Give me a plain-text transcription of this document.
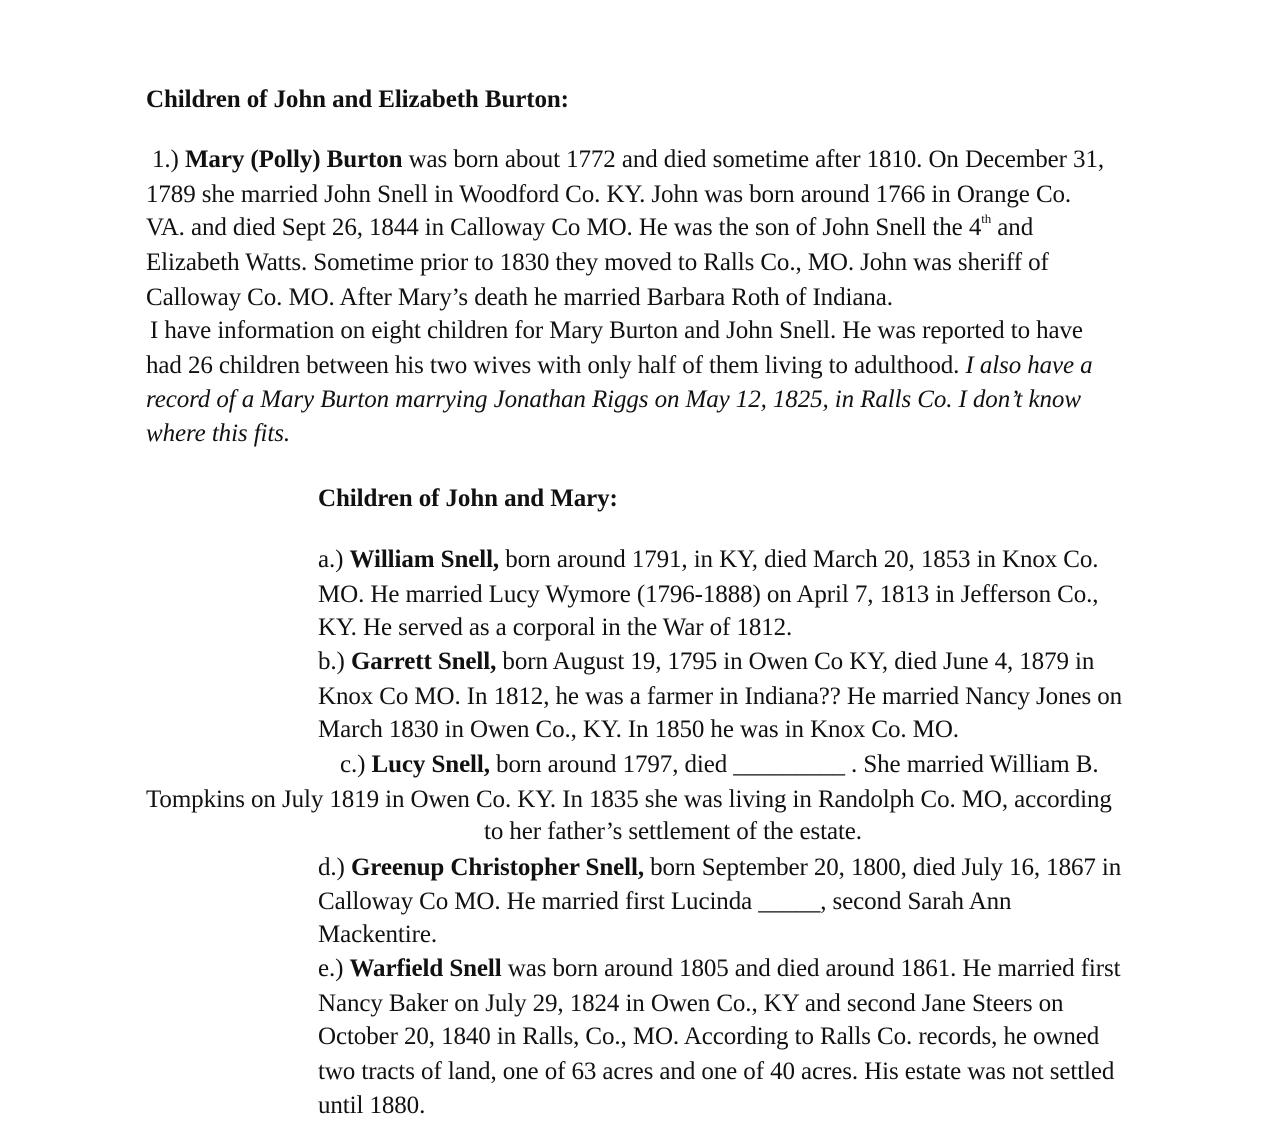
Children of John and Elizabeth Burton:
1.) Mary (Polly) Burton was born about 1772 and died sometime after 1810. On December 31,
1789 she married John Snell in Woodford Co. KY. John was born around 1766 in Orange Co.
VA. and died Sept 26, 1844 in Calloway Co MO. He was the son of John Snell the 4th and
Elizabeth Watts. Sometime prior to 1830 they moved to Ralls Co., MO. John was sheriff of
Calloway Co. MO. After Mary’s death he married Barbara Roth of Indiana.
I have information on eight children for Mary Burton and John Snell. He was reported to have
had 26 children between his two wives with only half of them living to adulthood. I also have a
record of a Mary Burton marrying Jonathan Riggs on May 12, 1825, in Ralls Co. I don’t know
where this fits.
Children of John and Mary:
a.) William Snell, born around 1791, in KY, died March 20, 1853 in Knox Co.
MO. He married Lucy Wymore (1796-1888) on April 7, 1813 in Jefferson Co.,
KY. He served as a corporal in the War of 1812.
b.) Garrett Snell, born August 19, 1795 in Owen Co KY, died June 4, 1879 in
Knox Co MO. In 1812, he was a farmer in Indiana?? He married Nancy Jones on
March 1830 in Owen Co., KY. In 1850 he was in Knox Co. MO.
c.) Lucy Snell, born around 1797, died _________ . She married William B.
Tompkins on July 1819 in Owen Co. KY. In 1835 she was living in Randolph Co. MO, according
to her father’s settlement of the estate.
d.) Greenup Christopher Snell, born September 20, 1800, died July 16, 1867 in
Calloway Co MO. He married first Lucinda _____, second Sarah Ann
Mackentire.
e.) Warfield Snell was born around 1805 and died around 1861. He married first
Nancy Baker on July 29, 1824 in Owen Co., KY and second Jane Steers on
October 20, 1840 in Ralls, Co., MO. According to Ralls Co. records, he owned
two tracts of land, one of 63 acres and one of 40 acres. His estate was not settled
until 1880.
